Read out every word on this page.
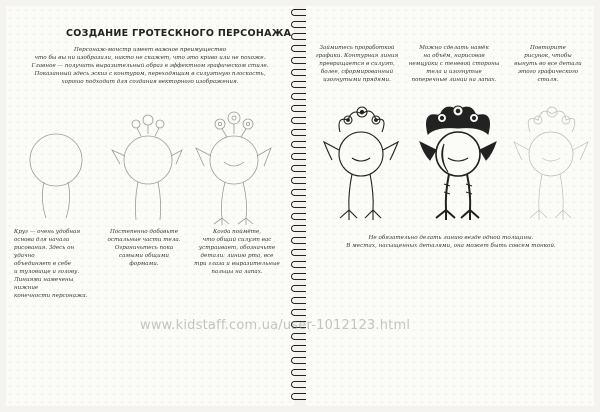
СОЗДАНИЕ ГРОТЕСКНОГО ПЕРСОНАЖА
Персонаж-монстр имеет важное преимущество
что бы вы ни изобразили, никто не скажет, что это криво или не похоже.
Главное — получить выразительный образ в эффектном графическом стиле.
Показанный здесь эскиз с контуром, переходящим в силуэтную плоскость,
хорошо подходит для создания векторного изображения.
Круг — очень удобная
основа для начала
рисования. Здесь он удачно
объединяет в себе
и туловище и голову.
Линиями намечены нижние
конечности персонажа.
Постепенно добавьте
остальные части тела.
Ограничьтесь пока
самыми общими
формами.
Когда поймёте,
что общий силуэт вас
устраивает, обозначьте
детали: линию рта, все
три глаза и выразительные
пальцы на лапах.
Займитесь проработкой
графики. Контурная линия
превращается в силуэт,
более, сформированный
изогнутыми прядями.
Можно сделать намёк
на объём, нарисовав
немцуйки с теневой стороны
тела и изогнутые
поперечные линии на лапах.
Повторите
рисунок, чтобы
вынуть во все детали
этого графического
стиля.
Не обязательно делать линию везде одной толщины.
В местах, насыщенных деталями, она может быть совсем тонкой.
www.kidstaff.com.ua/user-1012123.html
